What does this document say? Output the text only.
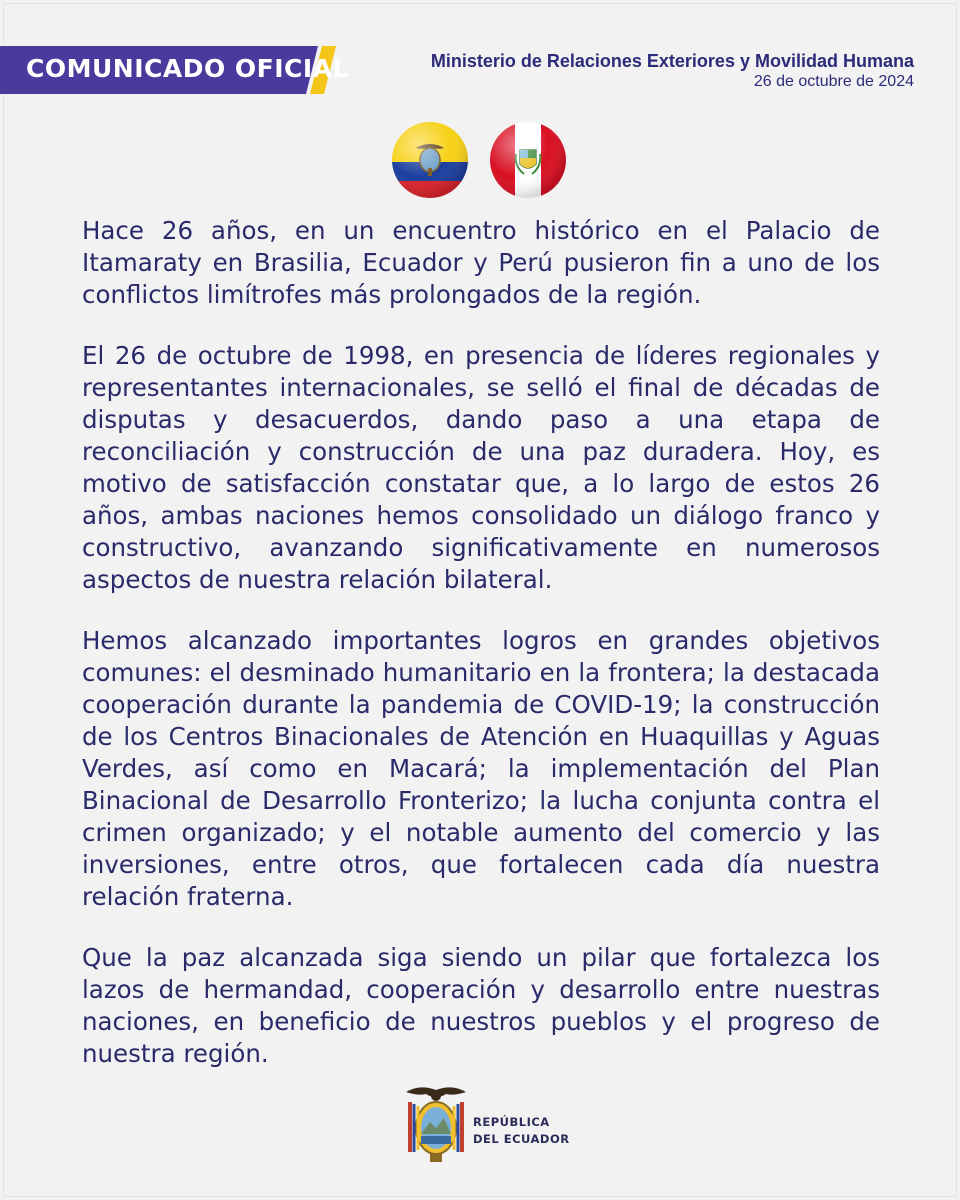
COMUNICADO OFICIAL	Ministerio de Relaciones Exteriores y Movilidad Humana
26 de octubre de 2024

Hace 26 años, en un encuentro histórico en el Palacio de Itamaraty en Brasilia, Ecuador y Perú pusieron fin a uno de los conflictos limítrofes más prolongados de la región.

El 26 de octubre de 1998, en presencia de líderes regionales y representantes internacionales, se selló el final de décadas de disputas y desacuerdos, dando paso a una etapa de reconciliación y construcción de una paz duradera. Hoy, es motivo de satisfacción constatar que, a lo largo de estos 26 años, ambas naciones hemos consolidado un diálogo franco y constructivo, avanzando significativamente en numerosos aspectos de nuestra relación bilateral.

Hemos alcanzado importantes logros en grandes objetivos comunes: el desminado humanitario en la frontera; la destacada cooperación durante la pandemia de COVID-19; la construcción de los Centros Binacionales de Atención en Huaquillas y Aguas Verdes, así como en Macará; la implementación del Plan Binacional de Desarrollo Fronterizo; la lucha conjunta contra el crimen organizado; y el notable aumento del comercio y las inversiones, entre otros, que fortalecen cada día nuestra relación fraterna.

Que la paz alcanzada siga siendo un pilar que fortalezca los lazos de hermandad, cooperación y desarrollo entre nuestras naciones, en beneficio de nuestros pueblos y el progreso de nuestra región.

REPÚBLICA
DEL ECUADOR
